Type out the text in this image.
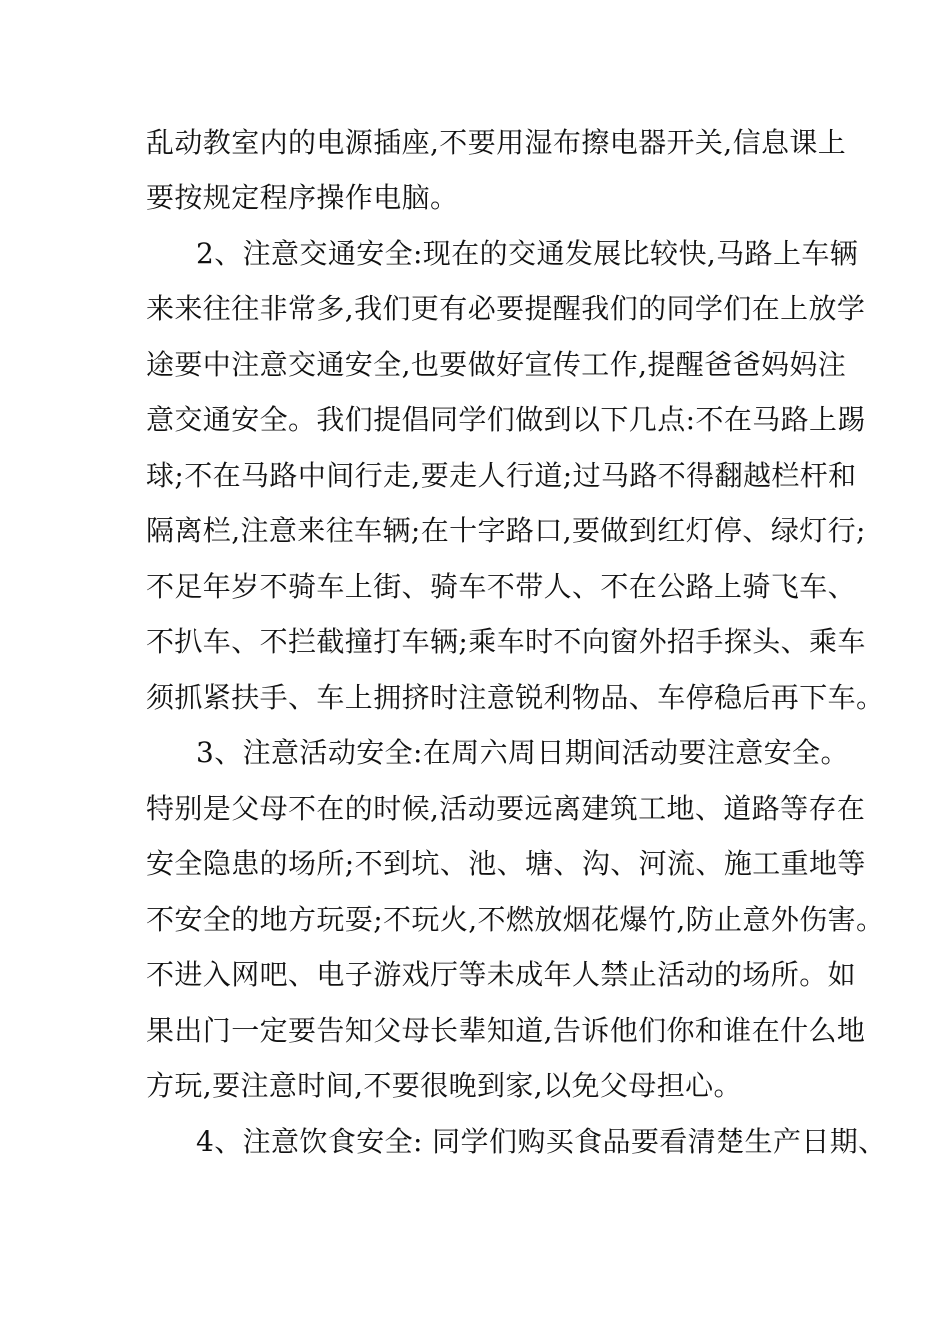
乱动教室内的电源插座,不要用湿布擦电器开关,信息课上
要按规定程序操作电脑。
2、注意交通安全:现在的交通发展比较快,马路上车辆
来来往往非常多,我们更有必要提醒我们的同学们在上放学
途要中注意交通安全,也要做好宣传工作,提醒爸爸妈妈注
意交通安全。我们提倡同学们做到以下几点:不在马路上踢
球;不在马路中间行走,要走人行道;过马路不得翻越栏杆和
隔离栏,注意来往车辆;在十字路口,要做到红灯停、绿灯行;
不足年岁不骑车上街、骑车不带人、不在公路上骑飞车、
不扒车、不拦截撞打车辆;乘车时不向窗外招手探头、乘车
须抓紧扶手、车上拥挤时注意锐利物品、车停稳后再下车。
3、注意活动安全:在周六周日期间活动要注意安全。
特别是父母不在的时候,活动要远离建筑工地、道路等存在
安全隐患的场所;不到坑、池、塘、沟、河流、施工重地等
不安全的地方玩耍;不玩火,不燃放烟花爆竹,防止意外伤害。
不进入网吧、电子游戏厅等未成年人禁止活动的场所。如
果出门一定要告知父母长辈知道,告诉他们你和谁在什么地
方玩,要注意时间,不要很晚到家,以免父母担心。
4、注意饮食安全: 同学们购买食品要看清楚生产日期、
